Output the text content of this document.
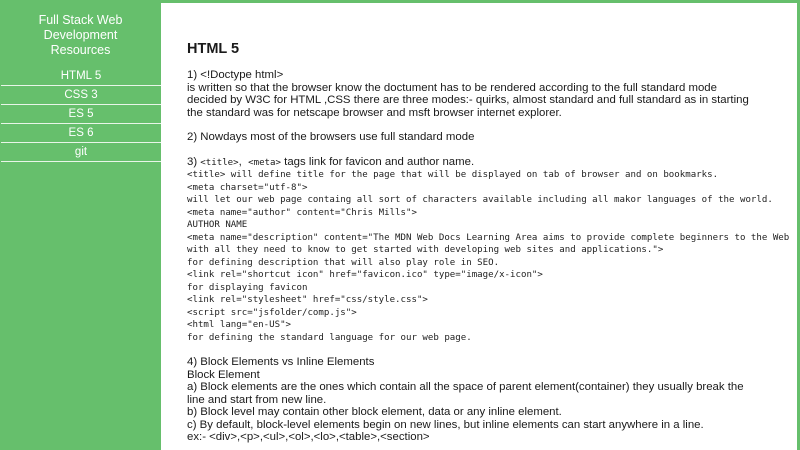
Full Stack Web
Development
Resources
HTML 5
CSS 3
ES 5
ES 6
git
HTML 5

1) <!Doctype html>

is written so that the browser know the doctument has to be rendered according to the full standard mode

decided by W3C for HTML ,CSS there are three modes:- quirks, almost standard and full standard as in starting

the standard was for netscape browser and msft browser internet explorer.

2) Nowdays most of the browsers use full standard mode

3) <title>,  <meta> tags link for favicon and author name.

<title> will define title for the page that will be displayed on tab of browser and on bookmarks.

<meta charset="utf-8">

will let our web page containg all sort of characters available including all makor languages of the world.

<meta name="author" content="Chris Mills">

AUTHOR NAME

<meta name="description" content="The MDN Web Docs Learning Area aims to provide complete beginners to the Web

with all they need to know to get started with developing web sites and applications.">

for defining description that will also play role in SEO.

<link rel="shortcut icon" href="favicon.ico" type="image/x-icon">

for displaying favicon

<link rel="stylesheet" href="css/style.css">

<script src="jsfolder/comp.js">

<html lang="en-US">

for defining the standard language for our web page.

4) Block Elements vs Inline Elements

Block Element

a) Block elements are the ones which contain all the space of parent element(container) they usually break the

line and start from new line.

b) Block level may contain other block element, data or any inline element.

c) By default, block-level elements begin on new lines, but inline elements can start anywhere in a line.

ex:- <div>,<p>,<ul>,<ol>,<lo>,<table>,<section>
